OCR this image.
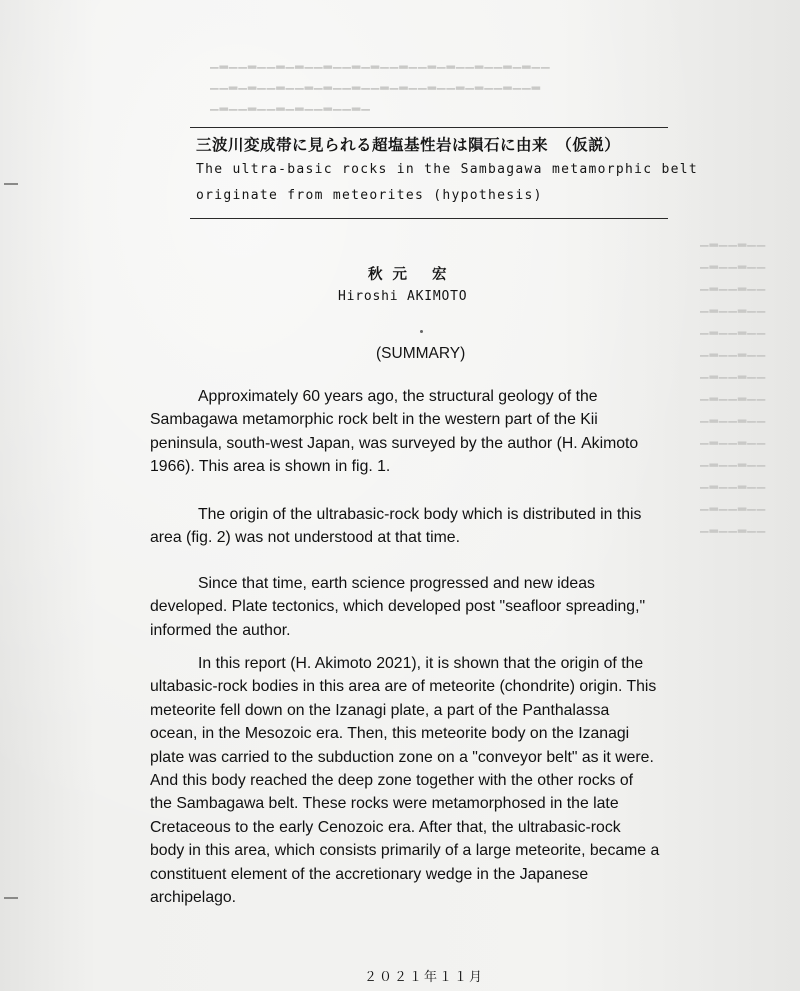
▁▂▁▁▂▁▁▂▁▂▁▁▂▁▁▂▁▂▁▁▂▁▁▂▁▂▁▁▂▁▁▂▁▂▁▁
▁▁▂▁▂▁▁▂▁▁▂▁▂▁▁▂▁▁▂▁▂▁▁▂▁▁▂▁▂▁▁▂▁▁▂
▁▂▁▁▂▁▁▂▁▂▁▁▂▁▁▂▁
▁▂▁▁▂▁▁
▁▂▁▁▂▁▁
▁▂▁▁▂▁▁
▁▂▁▁▂▁▁
▁▂▁▁▂▁▁
▁▂▁▁▂▁▁
▁▂▁▁▂▁▁
▁▂▁▁▂▁▁
▁▂▁▁▂▁▁
▁▂▁▁▂▁▁
▁▂▁▁▂▁▁
▁▂▁▁▂▁▁
▁▂▁▁▂▁▁
▁▂▁▁▂▁▁
三波川変成帯に見られる超塩基性岩は隕石に由来　（仮説）
The ultra-basic rocks in the Sambagawa metamorphic belt
originate from meteorites (hypothesis)
秋元 宏
Hiroshi AKIMOTO
(SUMMARY)
Approximately 60 years ago, the structural geology of the
Sambagawa metamorphic rock belt in the western part of the Kii
peninsula, south-west Japan, was surveyed by the author (H. Akimoto
1966). This area is shown in fig. 1.
The origin of the ultrabasic-rock body which is distributed in this
area (fig. 2) was not understood at that time.
Since that time, earth science progressed and new ideas
developed. Plate tectonics, which developed post "seafloor spreading,"
informed the author.
In this report (H. Akimoto 2021), it is shown that the origin of the
ultabasic-rock bodies in this area are of meteorite (chondrite) origin. This
meteorite fell down on the Izanagi plate, a part of the Panthalassa
ocean, in the Mesozoic era. Then, this meteorite body on the Izanagi
plate was carried to the subduction zone on a "conveyor belt" as it were.
And this body reached the deep zone together with the other rocks of
the Sambagawa belt. These rocks were metamorphosed in the late
Cretaceous to the early Cenozoic era. After that, the ultrabasic-rock
body in this area, which consists primarily of a large meteorite, became a
constituent element of the accretionary wedge in the Japanese
archipelago.
２０２１年１１月
